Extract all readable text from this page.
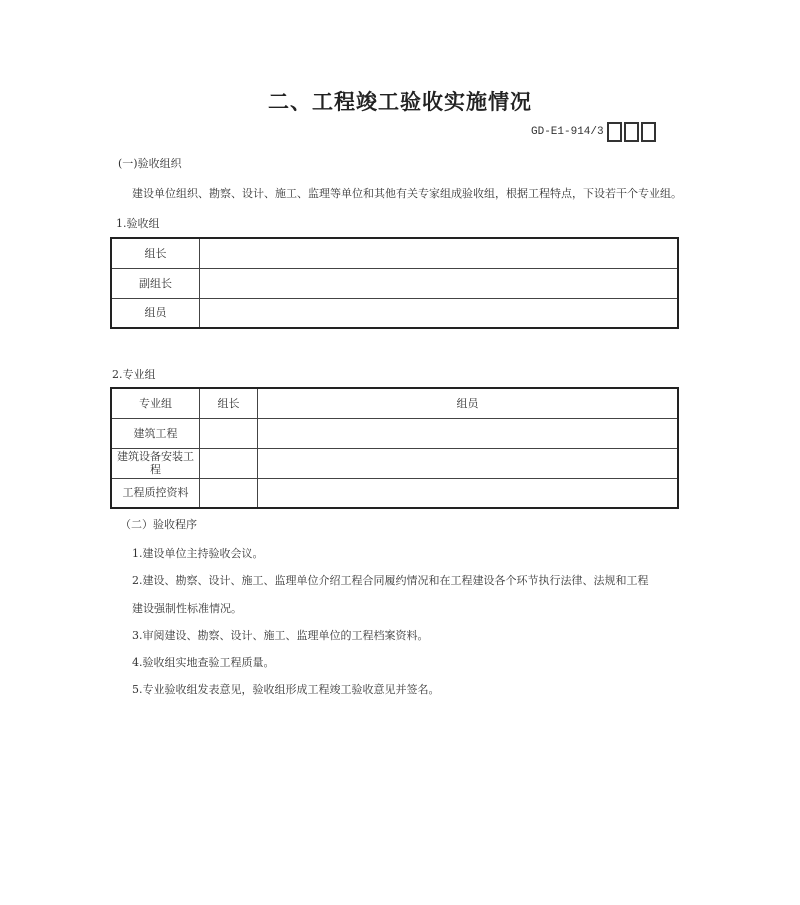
二、工程竣工验收实施情况
GD-E1-914/3
(一)验收组织
建设单位组织、勘察、设计、施工、监理等单位和其他有关专家组成验收组，根据工程特点，下设若干个专业组。
1.验收组
组长	
副组长	
组员	
2.专业组
专业组	组长	组员
建筑工程		
建筑设备安装工程		
工程质控资料		
（二）验收程序
1.建设单位主持验收会议。
2.建设、勘察、设计、施工、监理单位介绍工程合同履约情况和在工程建设各个环节执行法律、法规和工程
建设强制性标准情况。
3.审阅建设、勘察、设计、施工、监理单位的工程档案资料。
4.验收组实地查验工程质量。
5.专业验收组发表意见，验收组形成工程竣工验收意见并签名。
